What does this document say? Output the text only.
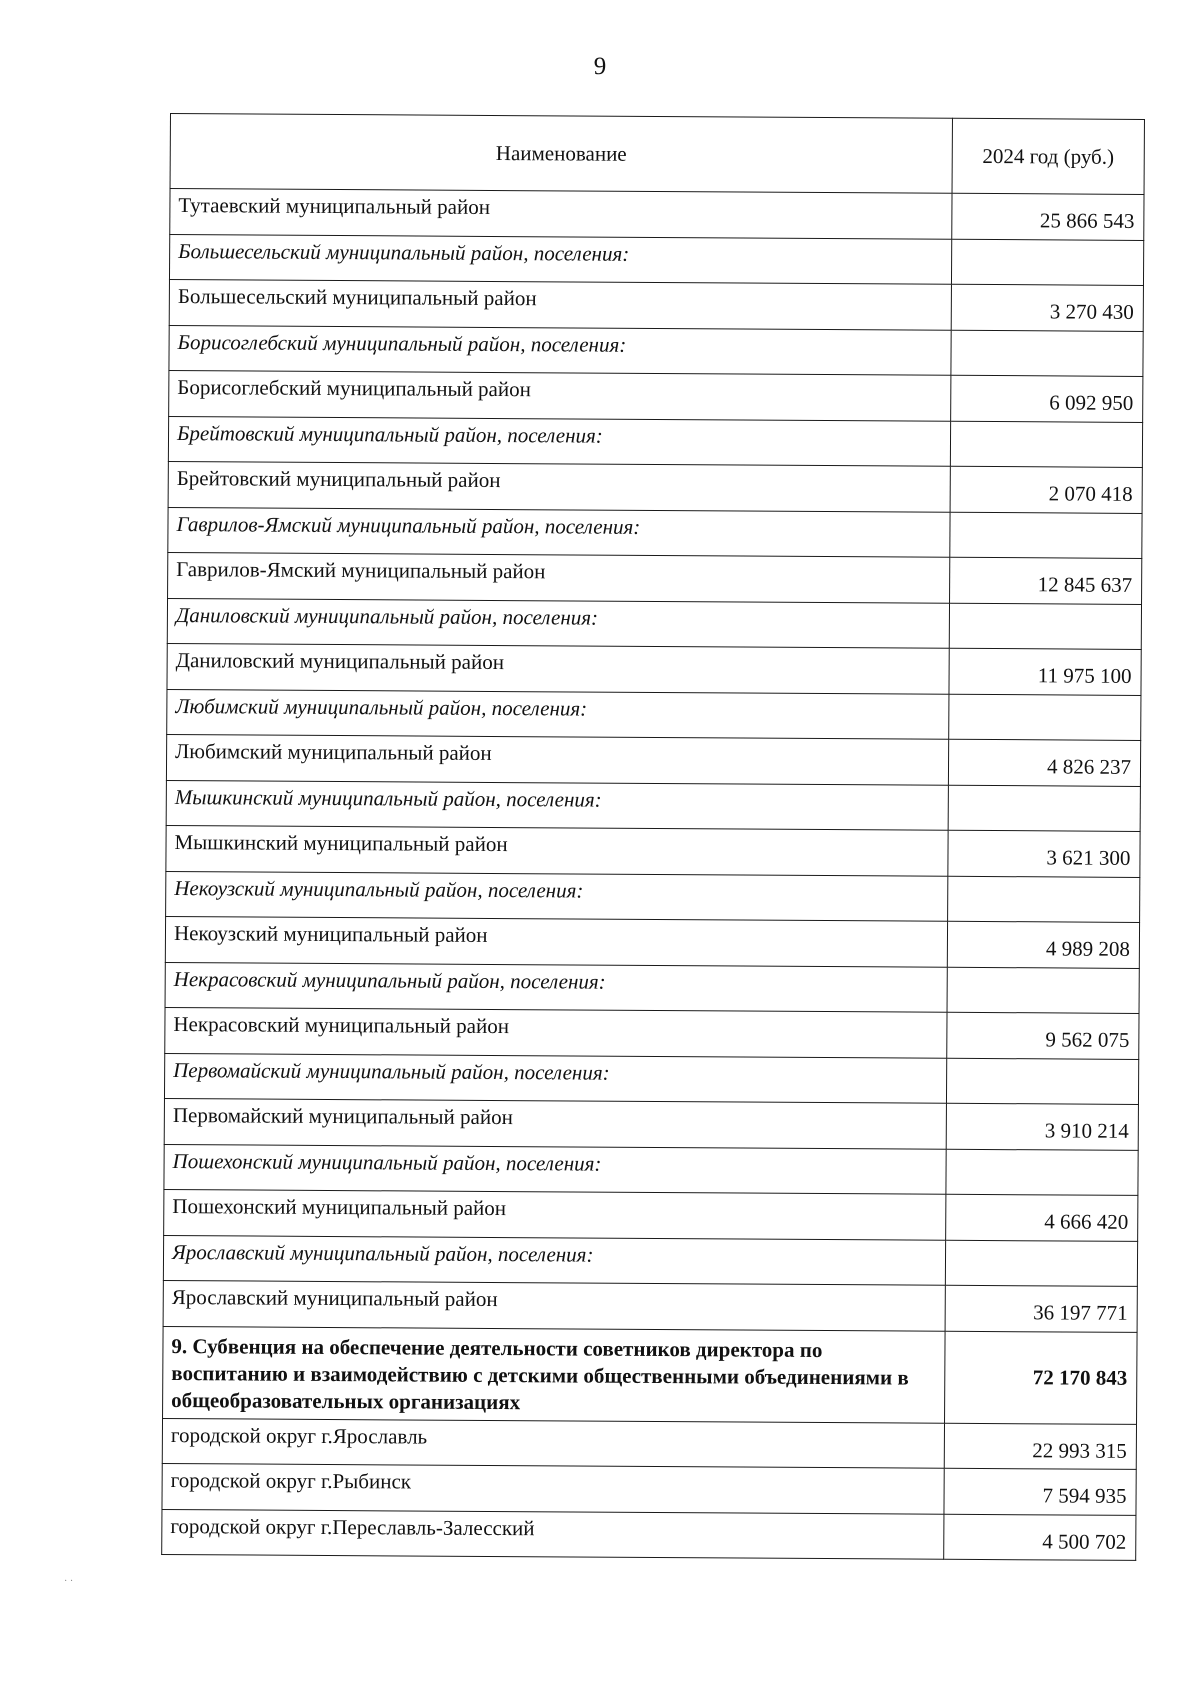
9
Наименование	2024 год (руб.)
Тутаевский муниципальный район	25 866 543
Большесельский муниципальный район, поселения:	
Большесельский муниципальный район	3 270 430
Борисоглебский муниципальный район, поселения:	
Борисоглебский муниципальный район	6 092 950
Брейтовский муниципальный район, поселения:	
Брейтовский муниципальный район	2 070 418
Гаврилов-Ямский муниципальный район, поселения:	
Гаврилов-Ямский муниципальный район	12 845 637
Даниловский муниципальный район, поселения:	
Даниловский муниципальный район	11 975 100
Любимский муниципальный район, поселения:	
Любимский муниципальный район	4 826 237
Мышкинский муниципальный район, поселения:	
Мышкинский муниципальный район	3 621 300
Некоузский муниципальный район, поселения:	
Некоузский муниципальный район	4 989 208
Некрасовский муниципальный район, поселения:	
Некрасовский муниципальный район	9 562 075
Первомайский муниципальный район, поселения:	
Первомайский муниципальный район	3 910 214
Пошехонский муниципальный район, поселения:	
Пошехонский муниципальный район	4 666 420
Ярославский муниципальный район, поселения:	
Ярославский муниципальный район	36 197 771
9. Субвенция на обеспечение деятельности советников директора по воспитанию и взаимодействию с детскими общественными объединениями в общеобразовательных организациях	72 170 843
городской округ г.Ярославль	22 993 315
городской округ г.Рыбинск	7 594 935
городской округ г.Переславль-Залесский	4 500 702
· ·
